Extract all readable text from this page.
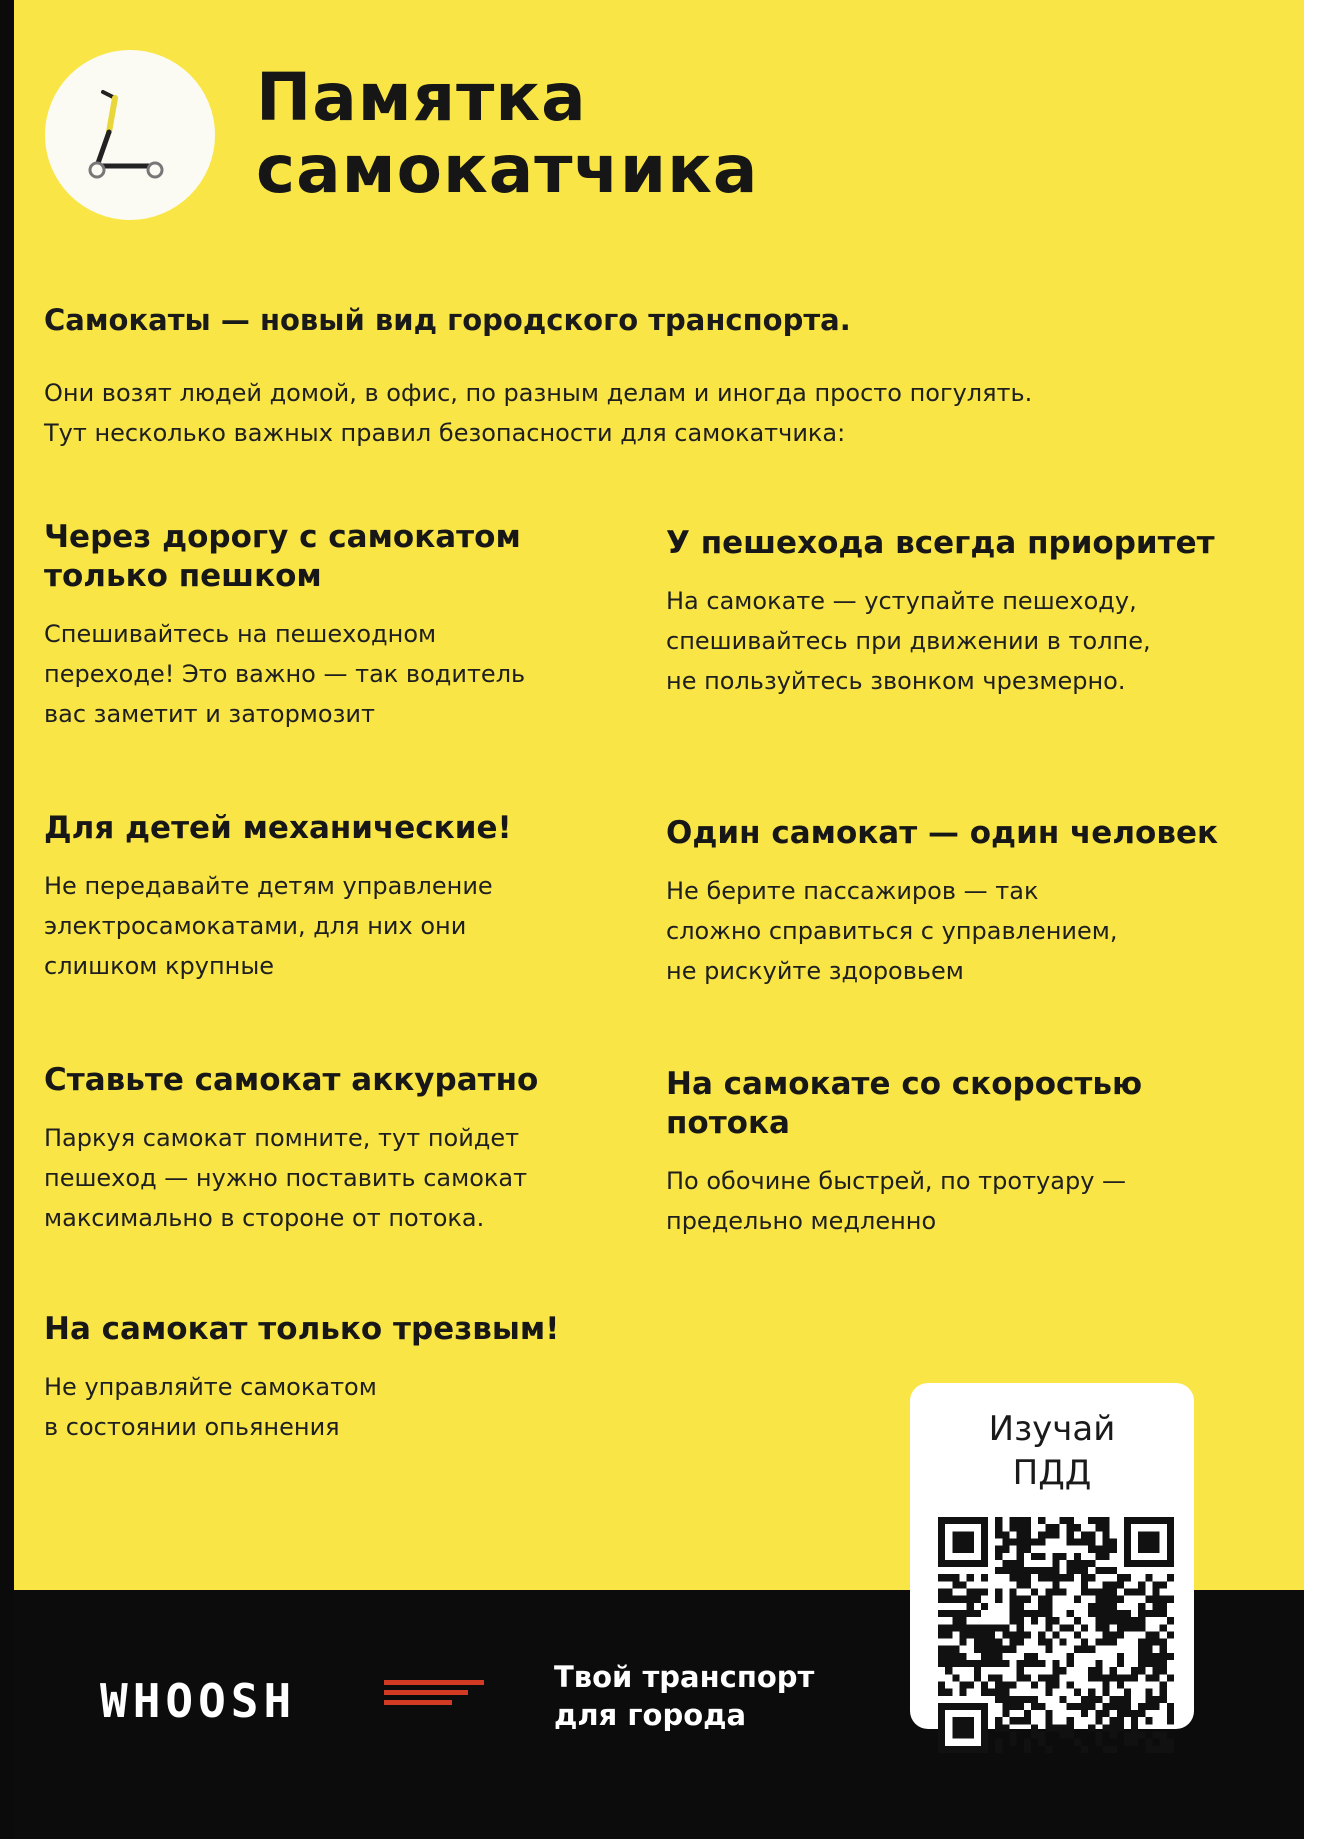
Памятка
самокатчика
Самокаты — новый вид городского транспорта.
Они возят людей домой, в офис, по разным делам и иногда просто погулять.
Тут несколько важных правил безопасности для самокатчика:
Через дорогу с самокатом
только пешком

Спешивайтесь на пешеходном
переходе! Это важно — так водитель
вас заметит и затормозит

У пешехода всегда приоритет

На самокате — уступайте пешеходу,
спешивайтесь при движении в толпе,
не пользуйтесь звонком чрезмерно.

Для детей механические!

Не передавайте детям управление
электросамокатами, для них они
слишком крупные

Один самокат — один человек

Не берите пассажиров — так
сложно справиться с управлением,
не рискуйте здоровьем

Ставьте самокат аккуратно

Паркуя самокат помните, тут пойдет
пешеход — нужно поставить самокат
максимально в стороне от потока.

На самокате со скоростью
потока

По обочине быстрей, по тротуару —
предельно медленно

На самокат только трезвым!

Не управляйте самокатом
в состоянии опьянения

WHOOSH	Твой транспорт
для города
Изучай
ПДД
